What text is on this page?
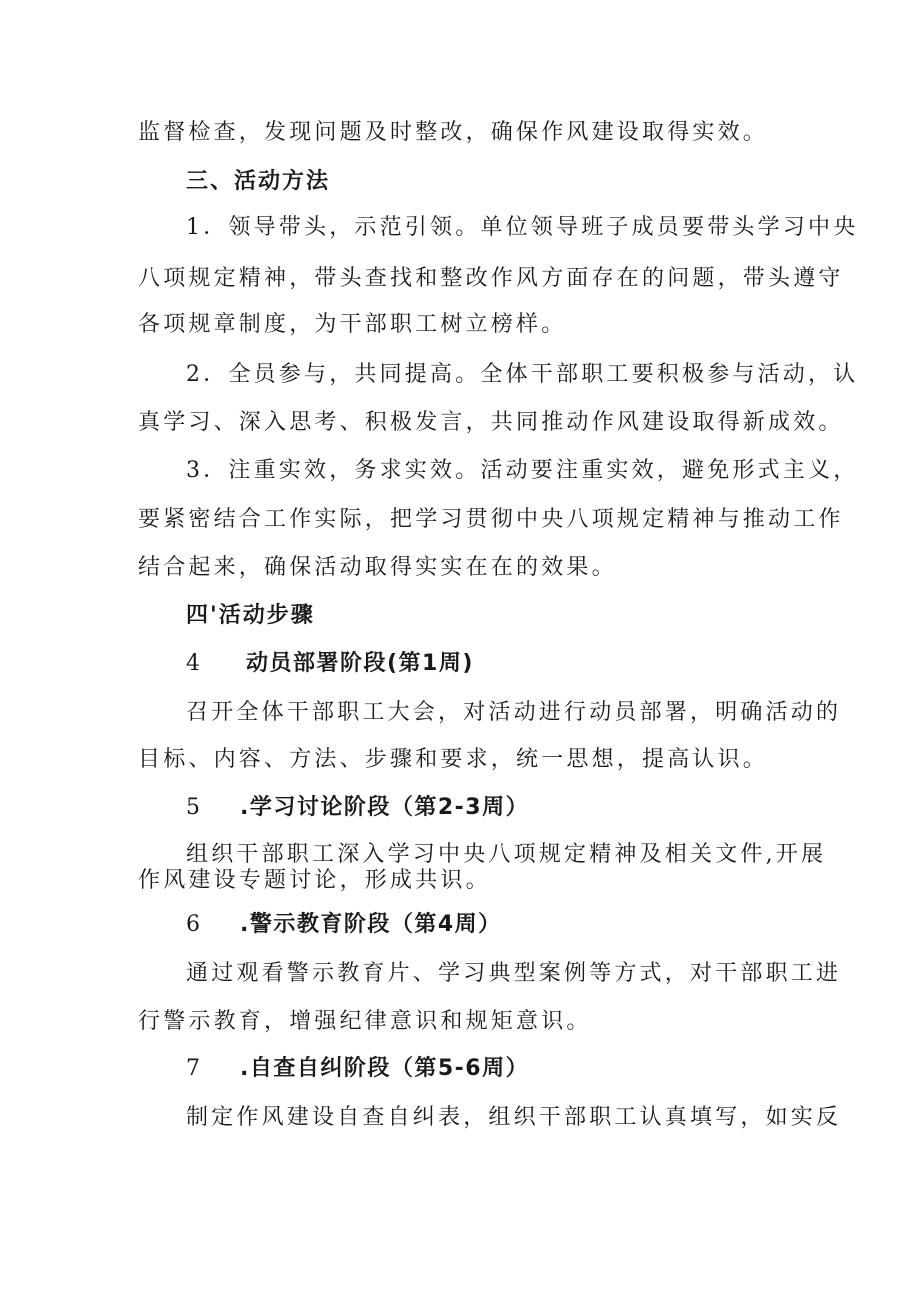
监督检查，发现问题及时整改，确保作风建设取得实效。
三、活动方法
1．领导带头，示范引领。单位领导班子成员要带头学习中央
八项规定精神，带头查找和整改作风方面存在的问题，带头遵守
各项规章制度，为干部职工树立榜样。
2．全员参与，共同提高。全体干部职工要积极参与活动，认
真学习、深入思考、积极发言，共同推动作风建设取得新成效。
3．注重实效，务求实效。活动要注重实效，避免形式主义，
要紧密结合工作实际，把学习贯彻中央八项规定精神与推动工作
结合起来，确保活动取得实实在在的效果。
四'活动步骤
4 动员部署阶段(第1周)
召开全体干部职工大会，对活动进行动员部署，明确活动的
目标、内容、方法、步骤和要求，统一思想，提高认识。
5 .学习讨论阶段（第2-3周）
组织干部职工深入学习中央八项规定精神及相关文件,开展
作风建设专题讨论，形成共识。
6 .警示教育阶段（第4周）
通过观看警示教育片、学习典型案例等方式，对干部职工进
行警示教育，增强纪律意识和规矩意识。
7 .自查自纠阶段（第5-6周）
制定作风建设自查自纠表，组织干部职工认真填写，如实反
